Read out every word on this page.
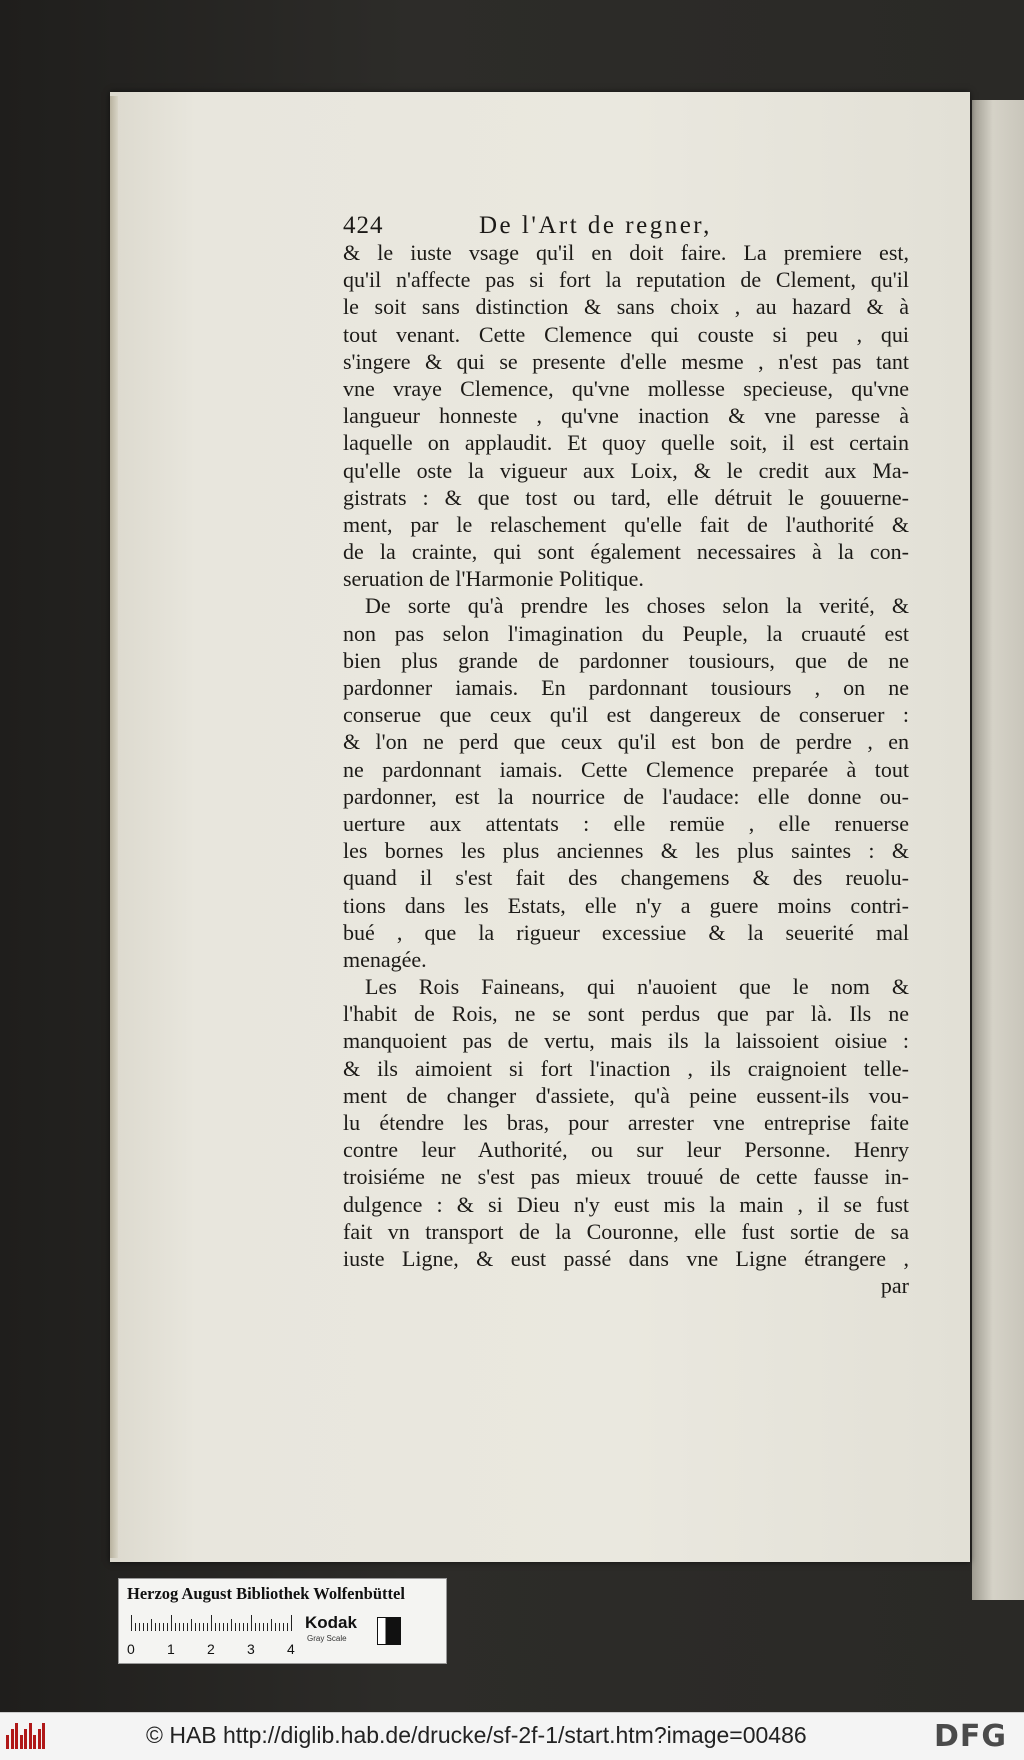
424	De l'Art de regner,
& le iuste vsage qu'il en doit faire. La premiere est,
qu'il n'affecte pas si fort la reputation de Clement, qu'il
le soit sans distinction & sans choix , au hazard & à
tout venant. Cette Clemence qui couste si peu , qui
s'ingere & qui se presente d'elle mesme , n'est pas tant
vne vraye Clemence, qu'vne mollesse specieuse, qu'vne
langueur honneste , qu'vne inaction & vne paresse à
laquelle on applaudit. Et quoy quelle soit, il est certain
qu'elle oste la vigueur aux Loix, & le credit aux Ma-
gistrats : & que tost ou tard, elle détruit le gouuerne-
ment, par le relaschement qu'elle fait de l'authorité &
de la crainte, qui sont également necessaires à la con-
seruation de l'Harmonie Politique.
De sorte qu'à prendre les choses selon la verité, &
non pas selon l'imagination du Peuple, la cruauté est
bien plus grande de pardonner tousiours, que de ne
pardonner iamais. En pardonnant tousiours , on ne
conserue que ceux qu'il est dangereux de conseruer :
& l'on ne perd que ceux qu'il est bon de perdre , en
ne pardonnant iamais. Cette Clemence preparée à tout
pardonner, est la nourrice de l'audace: elle donne ou-
uerture aux attentats : elle remüe , elle renuerse
les bornes les plus anciennes & les plus saintes : &
quand il s'est fait des changemens & des reuolu-
tions dans les Estats, elle n'y a guere moins contri-
bué , que la rigueur excessiue & la seuerité mal
menagée.
Les Rois Faineans, qui n'auoient que le nom &
l'habit de Rois, ne se sont perdus que par là. Ils ne
manquoient pas de vertu, mais ils la laissoient oisiue :
& ils aimoient si fort l'inaction , ils craignoient telle-
ment de changer d'assiete, qu'à peine eussent-ils vou-
lu étendre les bras, pour arrester vne entreprise faite
contre leur Authorité, ou sur leur Personne. Henry
troisiéme ne s'est pas mieux trouué de cette fausse in-
dulgence : & si Dieu n'y eust mis la main , il se fust
fait vn transport de la Couronne, elle fust sortie de sa
iuste Ligne, & eust passé dans vne Ligne étrangere ,
par
Herzog August Bibliothek Wolfenbüttel
0 1 2 3 4
Kodak
Gray Scale
© HAB http://diglib.hab.de/drucke/sf-2f-1/start.htm?image=00486	DFG
